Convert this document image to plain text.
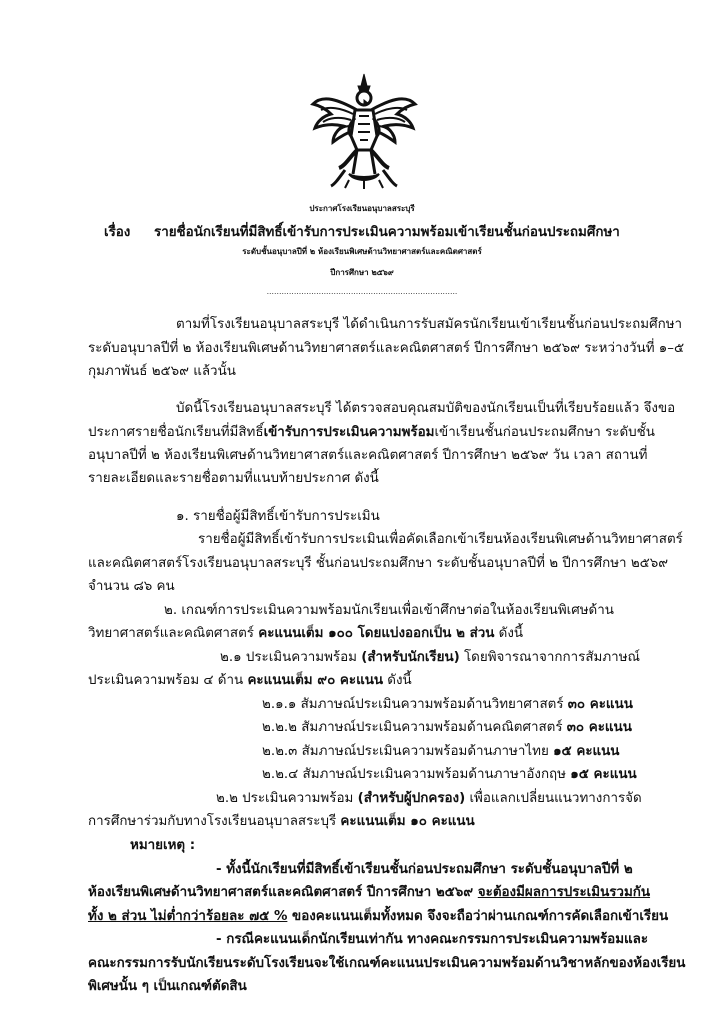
ประกาศโรงเรียนอนุบาลสระบุรี
เรื่อง รายชื่อนักเรียนที่มีสิทธิ์เข้ารับการประเมินความพร้อมเข้าเรียนชั้นก่อนประถมศึกษา
ระดับชั้นอนุบาลปีที่ ๒ ห้องเรียนพิเศษด้านวิทยาศาสตร์และคณิตศาสตร์
ปีการศึกษา ๒๕๖๙
.............................................................................
ตามที่โรงเรียนอนุบาลสระบุรี ได้ดำเนินการรับสมัครนักเรียนเข้าเรียนชั้นก่อนประถมศึกษา
ระดับอนุบาลปีที่ ๒ ห้องเรียนพิเศษด้านวิทยาศาสตร์และคณิตศาสตร์ ปีการศึกษา ๒๕๖๙ ระหว่างวันที่ ๑–๕
กุมภาพันธ์ ๒๕๖๙ แล้วนั้น
บัดนี้โรงเรียนอนุบาลสระบุรี ได้ตรวจสอบคุณสมบัติของนักเรียนเป็นที่เรียบร้อยแล้ว จึงขอ
ประกาศรายชื่อนักเรียนที่มีสิทธิ์เข้ารับการประเมินความพร้อมเข้าเรียนชั้นก่อนประถมศึกษา ระดับชั้น
อนุบาลปีที่ ๒ ห้องเรียนพิเศษด้านวิทยาศาสตร์และคณิตศาสตร์ ปีการศึกษา ๒๕๖๙ วัน เวลา สถานที่
รายละเอียดและรายชื่อตามที่แนบท้ายประกาศ ดังนี้
๑. รายชื่อผู้มีสิทธิ์เข้ารับการประเมิน
รายชื่อผู้มีสิทธิ์เข้ารับการประเมินเพื่อคัดเลือกเข้าเรียนห้องเรียนพิเศษด้านวิทยาศาสตร์
และคณิตศาสตร์โรงเรียนอนุบาลสระบุรี ชั้นก่อนประถมศึกษา ระดับชั้นอนุบาลปีที่ ๒ ปีการศึกษา ๒๕๖๙
จำนวน ๘๖ คน
๒. เกณฑ์การประเมินความพร้อมนักเรียนเพื่อเข้าศึกษาต่อในห้องเรียนพิเศษด้าน
วิทยาศาสตร์และคณิตศาสตร์ คะแนนเต็ม ๑๐๐ โดยแบ่งออกเป็น ๒ ส่วน ดังนี้
๒.๑ ประเมินความพร้อม (สำหรับนักเรียน) โดยพิจารณาจากการสัมภาษณ์
ประเมินความพร้อม ๔ ด้าน คะแนนเต็ม ๙๐ คะแนน ดังนี้
๒.๑.๑ สัมภาษณ์ประเมินความพร้อมด้านวิทยาศาสตร์ ๓๐ คะแนน
๒.๒.๒ สัมภาษณ์ประเมินความพร้อมด้านคณิตศาสตร์ ๓๐ คะแนน
๒.๒.๓ สัมภาษณ์ประเมินความพร้อมด้านภาษาไทย ๑๕ คะแนน
๒.๒.๔ สัมภาษณ์ประเมินความพร้อมด้านภาษาอังกฤษ ๑๕ คะแนน
๒.๒ ประเมินความพร้อม (สำหรับผู้ปกครอง) เพื่อแลกเปลี่ยนแนวทางการจัด
การศึกษาร่วมกับทางโรงเรียนอนุบาลสระบุรี คะแนนเต็ม ๑๐ คะแนน
หมายเหตุ :
- ทั้งนี้นักเรียนที่มีสิทธิ์เข้าเรียนชั้นก่อนประถมศึกษา ระดับชั้นอนุบาลปีที่ ๒
ห้องเรียนพิเศษด้านวิทยาศาสตร์และคณิตศาสตร์ ปีการศึกษา ๒๕๖๙ จะต้องมีผลการประเมินรวมกัน
ทั้ง ๒ ส่วน ไม่ต่ำกว่าร้อยละ ๗๕ % ของคะแนนเต็มทั้งหมด จึงจะถือว่าผ่านเกณฑ์การคัดเลือกเข้าเรียน
- กรณีคะแนนเด็กนักเรียนเท่ากัน ทางคณะกรรมการประเมินความพร้อมและ
คณะกรรมการรับนักเรียนระดับโรงเรียนจะใช้เกณฑ์คะแนนประเมินความพร้อมด้านวิชาหลักของห้องเรียน
พิเศษนั้น ๆ เป็นเกณฑ์ตัดสิน
